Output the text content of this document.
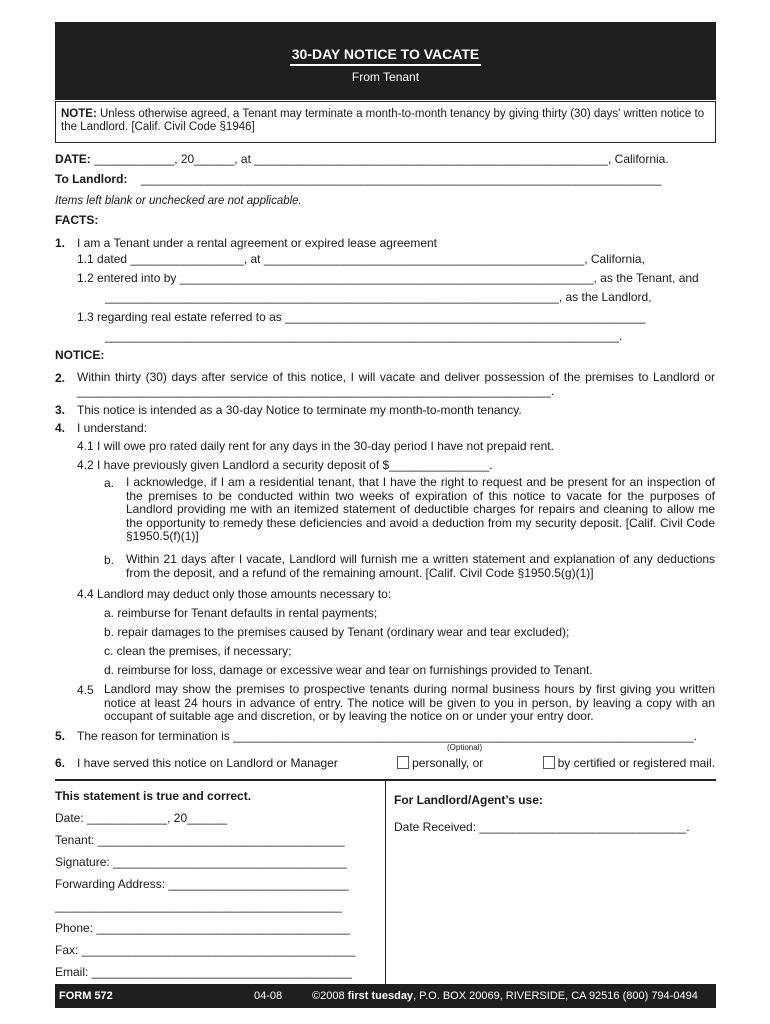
30-DAY NOTICE TO VACATE
From Tenant
NOTE: Unless otherwise agreed, a Tenant may terminate a month-to-month tenancy by giving thirty (30) days' written notice to the Landlord. [Calif. Civil Code §1946]
DATE: ____________, 20______, at _____________________________________________________, California.
To Landlord: ______________________________________________________________________________
Items left blank or unchecked are not applicable.
FACTS:
1. I am a Tenant under a rental agreement or expired lease agreement
1.1 dated _________________, at ________________________________________________, California,
1.2 entered into by ______________________________________________________________, as the Tenant, and
____________________________________________________________________, as the Landlord,
1.3 regarding real estate referred to as ______________________________________________________
_____________________________________________________________________________.
NOTICE:
2. Within thirty (30) days after service of this notice, I will vacate and deliver possession of the premises to Landlord or _______________________________________________________________________.
3. This notice is intended as a 30-day Notice to terminate my month-to-month tenancy.
4. I understand:
4.1 I will owe pro rated daily rent for any days in the 30-day period I have not prepaid rent.
4.2 I have previously given Landlord a security deposit of $_______________.
a. I acknowledge, if I am a residential tenant, that I have the right to request and be present for an inspection of the premises to be conducted within two weeks of expiration of this notice to vacate for the purposes of Landlord providing me with an itemized statement of deductible charges for repairs and cleaning to allow me the opportunity to remedy these deficiencies and avoid a deduction from my security deposit. [Calif. Civil Code §1950.5(f)(1)]
b. Within 21 days after I vacate, Landlord will furnish me a written statement and explanation of any deductions from the deposit, and a refund of the remaining amount. [Calif. Civil Code §1950.5(g)(1)]
4.4 Landlord may deduct only those amounts necessary to:
a. reimburse for Tenant defaults in rental payments;
b. repair damages to the premises caused by Tenant (ordinary wear and tear excluded);
c. clean the premises, if necessary;
d. reimburse for loss, damage or excessive wear and tear on furnishings provided to Tenant.
4.5 Landlord may show the premises to prospective tenants during normal business hours by first giving you written notice at least 24 hours in advance of entry. The notice will be given to you in person, by leaving a copy with an occupant of suitable age and discretion, or by leaving the notice on or under your entry door.
5. The reason for termination is _____________________________________________________________________.
(Optional)
6. I have served this notice on Landlord or Manager	personally, or	by certified or registered mail.
This statement is true and correct.
Date: ____________, 20______
Tenant: _____________________________________
Signature: ___________________________________
Forwarding Address: ___________________________
___________________________________________
Phone: ______________________________________
Fax: _________________________________________
Email: _______________________________________
For Landlord/Agent’s use:
Date Received: _______________________________.
FORM 572	04-08	©2008 first tuesday, P.O. BOX 20069, RIVERSIDE, CA 92516 (800) 794-0494
